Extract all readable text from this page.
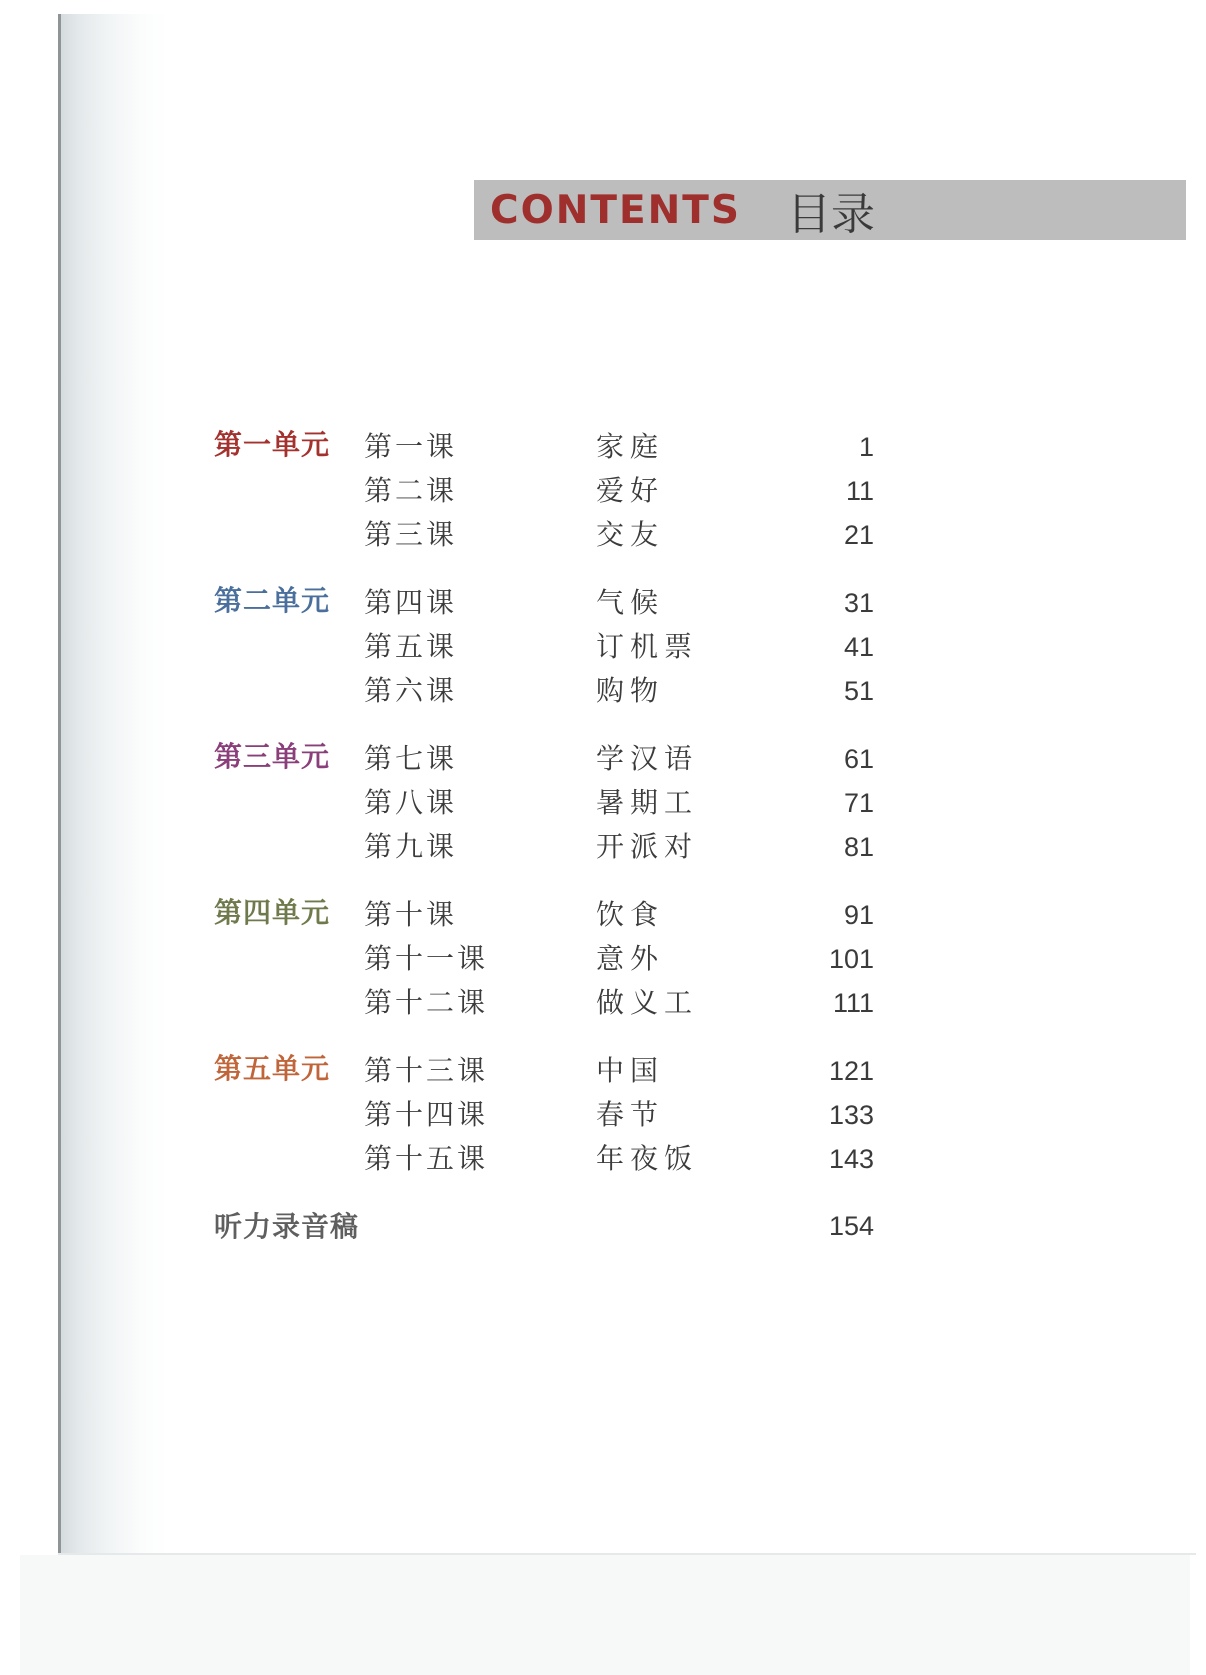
CONTENTS 目录
第一单元 第一课	家庭	1
第二课	爱好	11
第三课	交友	21
第二单元 第四课	气候	31
第五课	订机票	41
第六课	购物	51
第三单元 第七课	学汉语	61
第八课	暑期工	71
第九课	开派对	81
第四单元 第十课	饮食	91
第十一课	意外	101
第十二课	做义工	111
第五单元 第十三课	中国	121
第十四课	春节	133
第十五课	年夜饭	143
听力录音稿	154
